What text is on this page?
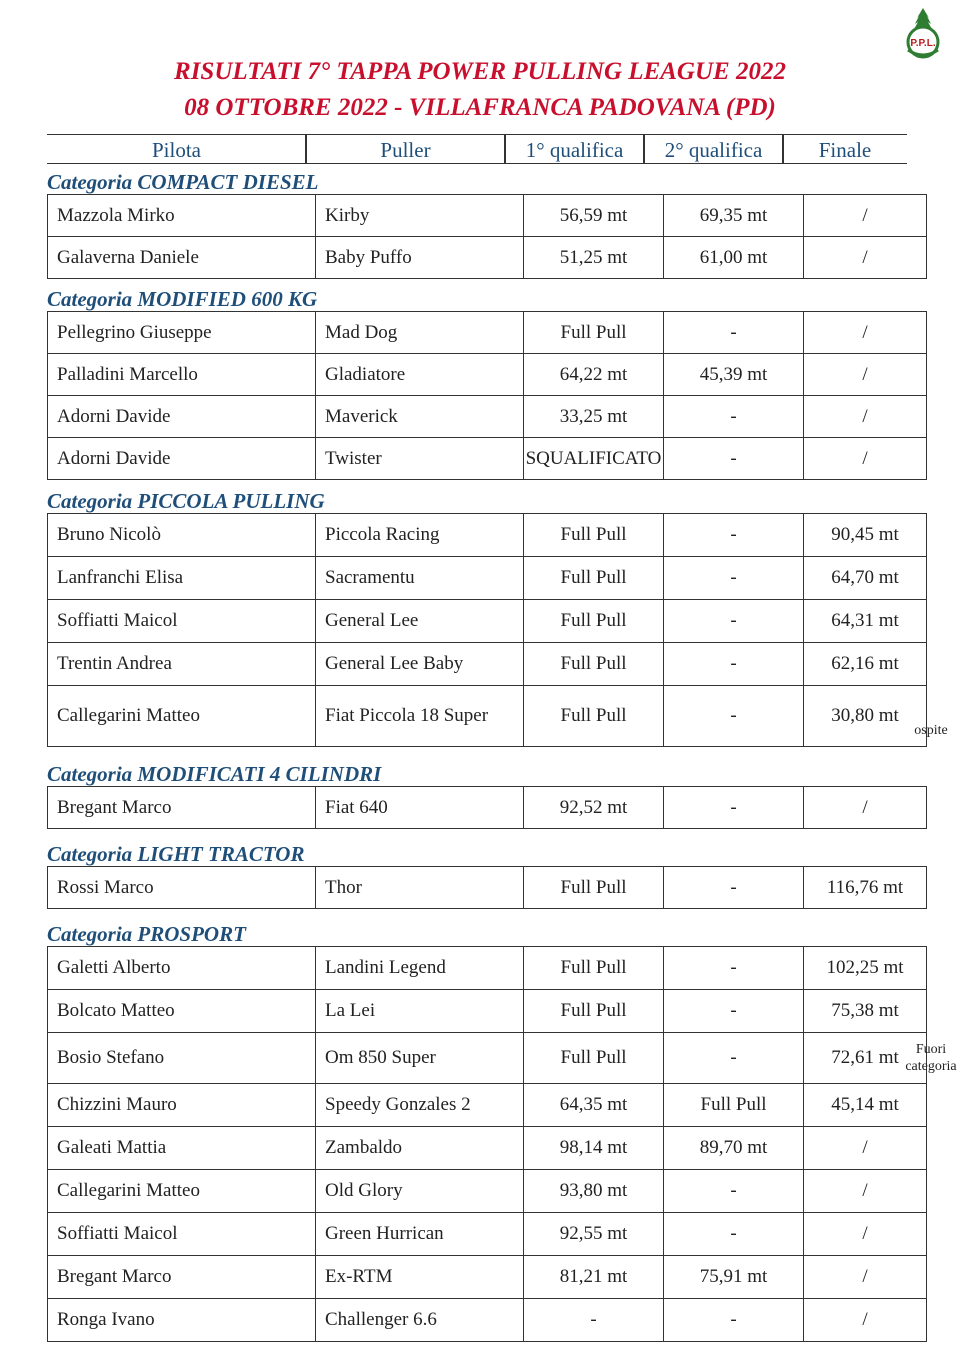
P.P.L.
RISULTATI 7° TAPPA POWER PULLING LEAGUE 2022
08 OTTOBRE 2022 - VILLAFRANCA PADOVANA (PD)
Pilota	Puller	1° qualifica	2° qualifica	Finale
Categoria COMPACT DIESEL
Categoria MODIFIED 600 KG
Categoria PICCOLA PULLING
Categoria MODIFICATI 4 CILINDRI
Categoria LIGHT TRACTOR
Categoria PROSPORT
Mazzola Mirko	Kirby	56,59 mt	69,35 mt	/
Galaverna Daniele	Baby Puffo	51,25 mt	61,00 mt	/
Pellegrino Giuseppe	Mad Dog	Full Pull	-	/
Palladini Marcello	Gladiatore	64,22 mt	45,39 mt	/
Adorni Davide	Maverick	33,25 mt	-	/
Adorni Davide	Twister	SQUALIFICATO	-	/
Bruno Nicolò	Piccola Racing	Full Pull	-	90,45 mt
Lanfranchi Elisa	Sacramentu	Full Pull	-	64,70 mt
Soffiatti Maicol	General Lee	Full Pull	-	64,31 mt
Trentin Andrea	General Lee Baby	Full Pull	-	62,16 mt
Callegarini Matteo	Fiat Piccola 18 Super	Full Pull	-	30,80 mt
Bregant Marco	Fiat 640	92,52 mt	-	/
Rossi Marco	Thor	Full Pull	-	116,76 mt
Galetti Alberto	Landini Legend	Full Pull	-	102,25 mt
Bolcato Matteo	La Lei	Full Pull	-	75,38 mt
Bosio Stefano	Om 850 Super	Full Pull	-	72,61 mt
Chizzini Mauro	Speedy Gonzales 2	64,35 mt	Full Pull	45,14 mt
Galeati Mattia	Zambaldo	98,14 mt	89,70 mt	/
Callegarini Matteo	Old Glory	93,80 mt	-	/
Soffiatti Maicol	Green Hurrican	92,55 mt	-	/
Bregant Marco	Ex-RTM	81,21 mt	75,91 mt	/
Ronga Ivano	Challenger 6.6	-	-	/
ospite
Fuori
categoria
